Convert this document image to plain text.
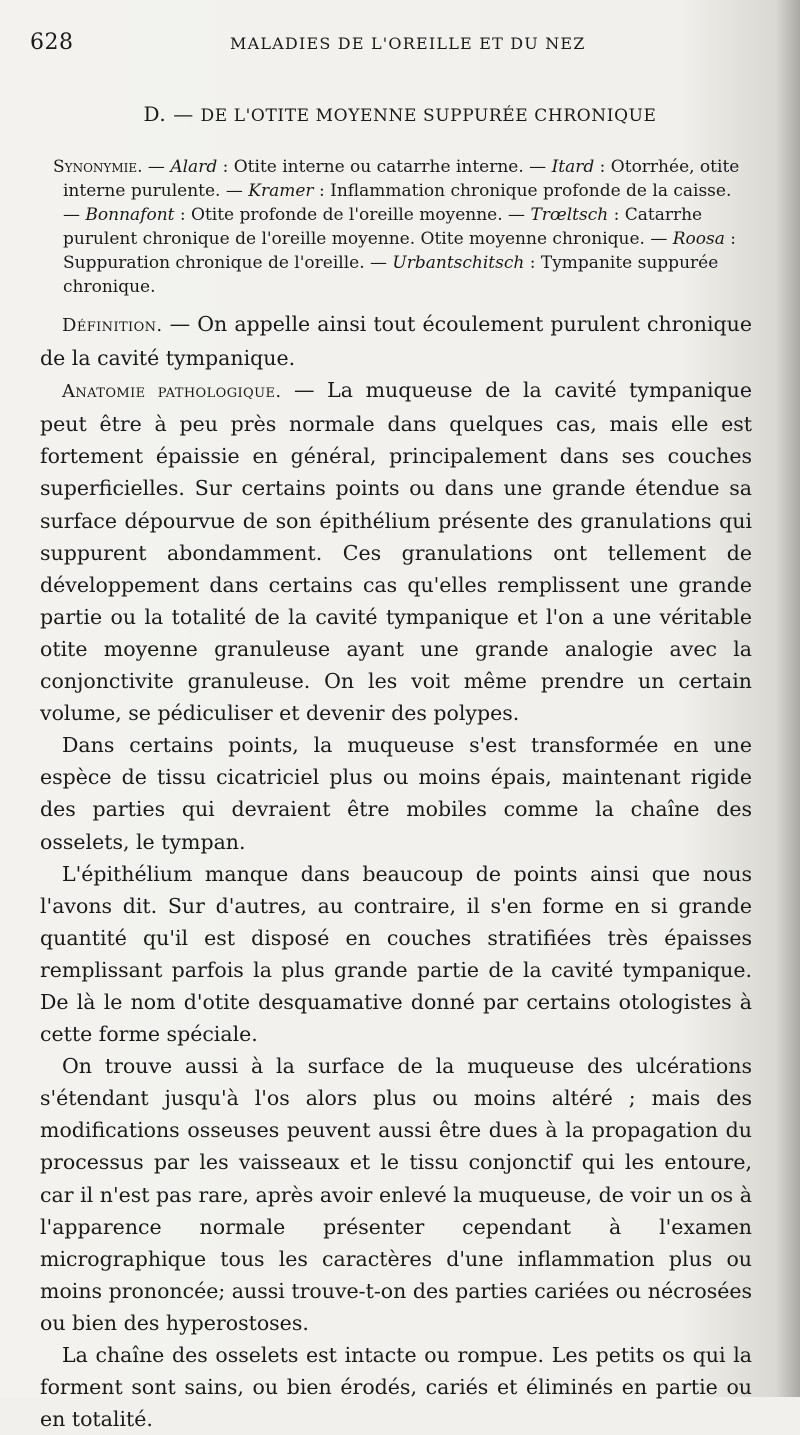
628	MALADIES DE L'OREILLE ET DU NEZ
D. — DE L'OTITE MOYENNE SUPPURÉE CHRONIQUE
Synonymie. — Alard : Otite interne ou catarrhe interne. — Itard : Otorrhée, otite interne purulente. — Kramer : Inflammation chronique profonde de la caisse. — Bonnafont : Otite profonde de l'oreille moyenne. — Trœltsch : Catarrhe purulent chronique de l'oreille moyenne. Otite moyenne chronique. — Roosa : Suppuration chronique de l'oreille. — Urbantschitsch : Tympanite suppurée chronique.

Définition. — On appelle ainsi tout écoulement purulent chronique de la cavité tympanique.

Anatomie pathologique. — La muqueuse de la cavité tympanique peut être à peu près normale dans quelques cas, mais elle est fortement épaissie en général, principalement dans ses couches superficielles. Sur certains points ou dans une grande étendue sa surface dépourvue de son épithélium présente des granulations qui suppurent abondamment. Ces granulations ont tellement de développement dans certains cas qu'elles remplissent une grande partie ou la totalité de la cavité tympanique et l'on a une véritable otite moyenne granuleuse ayant une grande analogie avec la conjonctivite granuleuse. On les voit même prendre un certain volume, se pédiculiser et devenir des polypes.

Dans certains points, la muqueuse s'est transformée en une espèce de tissu cicatriciel plus ou moins épais, maintenant rigide des parties qui devraient être mobiles comme la chaîne des osselets, le tympan.

L'épithélium manque dans beaucoup de points ainsi que nous l'avons dit. Sur d'autres, au contraire, il s'en forme en si grande quantité qu'il est disposé en couches stratifiées très épaisses remplissant parfois la plus grande partie de la cavité tympanique. De là le nom d'otite desquamative donné par certains otologistes à cette forme spéciale.

On trouve aussi à la surface de la muqueuse des ulcérations s'étendant jusqu'à l'os alors plus ou moins altéré ; mais des modifications osseuses peuvent aussi être dues à la propagation du processus par les vaisseaux et le tissu conjonctif qui les entoure, car il n'est pas rare, après avoir enlevé la muqueuse, de voir un os à l'apparence normale présenter cependant à l'examen micrographique tous les caractères d'une inflammation plus ou moins prononcée; aussi trouve-t-on des parties cariées ou nécrosées ou bien des hyperostoses.

La chaîne des osselets est intacte ou rompue. Les petits os qui la forment sont sains, ou bien érodés, cariés et éliminés en partie ou en totalité.
